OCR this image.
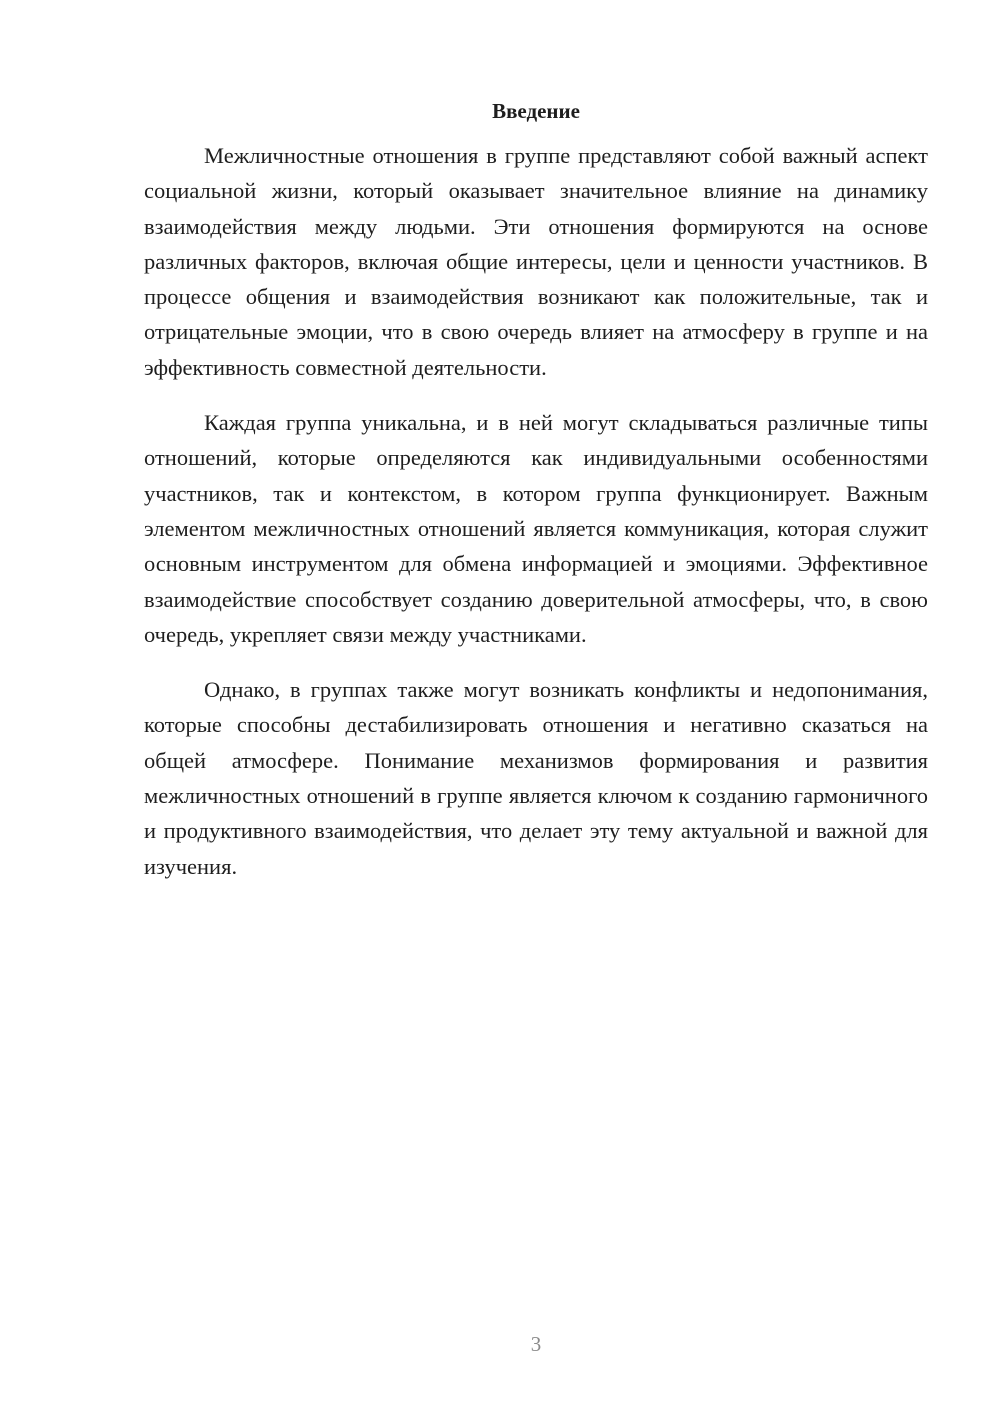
Введение

Межличностные отношения в группе представляют собой важный аспект социальной жизни, который оказывает значительное влияние на динамику взаимодействия между людьми. Эти отношения формируются на основе различных факторов, включая общие интересы, цели и ценности участников. В процессе общения и взаимодействия возникают как положительные, так и отрицательные эмоции, что в свою очередь влияет на атмосферу в группе и на эффективность совместной деятельности.

Каждая группа уникальна, и в ней могут складываться различные типы отношений, которые определяются как индивидуальными особенностями участников, так и контекстом, в котором группа функционирует. Важным элементом межличностных отношений является коммуникация, которая служит основным инструментом для обмена информацией и эмоциями. Эффективное взаимодействие способствует созданию доверительной атмосферы, что, в свою очередь, укрепляет связи между участниками.

Однако, в группах также могут возникать конфликты и недопонимания, которые способны дестабилизировать отношения и негативно сказаться на общей атмосфере. Понимание механизмов формирования и развития межличностных отношений в группе является ключом к созданию гармоничного и продуктивного взаимодействия, что делает эту тему актуальной и важной для изучения.

3
